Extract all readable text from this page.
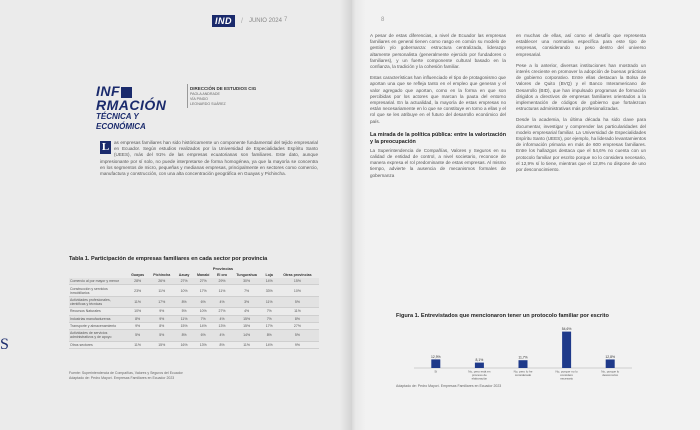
IND	/ JUNIO 2024 7	8
S
INFRMACIÓN
TÉCNICA Y ECONÓMICA
DIRECCIÓN DE ESTUDIOS CIG
PAOLA ANDRADE
VÍA PINDO
LEONARDO SUÁREZ
L	as empresas familiares han sido históricamente un componente fundamental del tejido empresarial en Ecuador. Según estudios realizados por la Universidad de Especialidades Espíritu Santo (UEES), más del 91% de las empresas ecuatorianas son familiares. Este dato, aunque impresionante por sí solo, no puede interpretarse de forma homogénea, ya que la mayoría se concentra en los segmentos de micro, pequeñas y medianas empresas, principalmente en sectores como comercio, manufactura y construcción, con una alta concentración geográfica en Guayas y Pichincha.
Tabla 1. Participación de empresas familiares en cada sector por provincia
	Provincias							
	Guayas	Pichincha	Azuay	Manabí	El oro	Tungurahua	Loja	Otras provincias
Comercio al por mayor y menor	28%	26%	27%	27%	29%	30%	14%	15%
Construcción y servicios inmobiliarios	23%	11%	10%	17%	11%	7%	33%	10%
Actividades profesionales, científicas y técnicas	11%	17%	8%	6%	4%	3%	11%	5%
Recursos Naturales	10%	9%	5%	10%	27%	4%	7%	11%
Industrias manufactureras	8%	9%	11%	7%	4%	15%	7%	8%
Transporte y almacenamiento	9%	8%	15%	14%	13%	15%	17%	27%
Actividades de servicios administrativos y de apoyo	5%	5%	8%	6%	4%	14%	8%	5%
Otros sectores	11%	15%	16%	13%	8%	11%	14%	9%
Fuente: Superintendencia de Compañías, Valores y Seguros del Ecuador
Adaptado de: Pedro Mayorí. Empresas Familiares en Ecuador 2023

A pesar de estas diferencias, a nivel de Ecuador las empresas familiares en general tienen como rasgo en común su modelo de gestión y/o gobernanza: estructura centralizada, liderazgo altamente personalista (generalmente ejercido por fundadores o familiares), y un fuerte componente cultural basado en la confianza, la tradición y la cohesión familiar.

Estas características han influenciado el tipo de protagonismo que aportan una que se refleja tanto en el empleo que generan y el valor agregado que aportan, como en la forma en que son percibidas por los actores que marcan la pauta del entorno empresarial. En la actualidad, la mayoría de estas empresas no están necesariamente en lo que se constituye en torno a ellas y el rol que se les atribuye en el futuro del desarrollo económico del país.

La mirada de la política pública: entre la valorización y la preocupación

La Superintendencia de Compañías, Valores y Seguros en su calidad de entidad de control, a nivel societario, reconoce de manera expresa el rol predominante de estas empresas. Al mismo tiempo, advierte la ausencia de mecanismos formales de gobernanza

en muchas de ellas, así como el desafío que representa establecer una normativa específica para este tipo de empresas, considerando su peso dentro del universo empresarial.

Pese a lo anterior, diversas instituciones han mostrado un interés creciente en promover la adopción de buenas prácticas de gobierno corporativo. Entre ellas destacan la Bolsa de Valores de Quito (BVQ) y el Banco Interamericano de Desarrollo (BID), que han impulsado programas de formación dirigidos a directivos de empresas familiares orientados a la implementación de códigos de gobierno que fortalezcan estructuras administrativas más profesionalizadas.

Desde la academia, la última década ha sido clave para documentar, investigar y comprender las particularidades del modelo empresarial familiar. La Universidad de Especialidades Espíritu Santo (UEES), por ejemplo, ha liderado levantamientos de información primaria en más de 600 empresas familiares. Entre los hallazgos destaca que el 54,6% no cuenta con un protocolo familiar por escrito porque no lo considera necesario, el 12,9% sí lo tiene, mientras que el 12,8% no dispone de uno por desconocimiento.

Figura 1. Entrevistados que mencionaron tener un protocolo familiar por escrito
12,9%
Sí
8,1%
No, pero está en proceso de elaboración
11,7%
No, pero lo he considerado
54,6%
No, porque no lo considero necesario
12,8%
No, porque lo desconozco
Adaptado de: Pedro Mayorí. Empresas Familiares en Ecuador 2023
